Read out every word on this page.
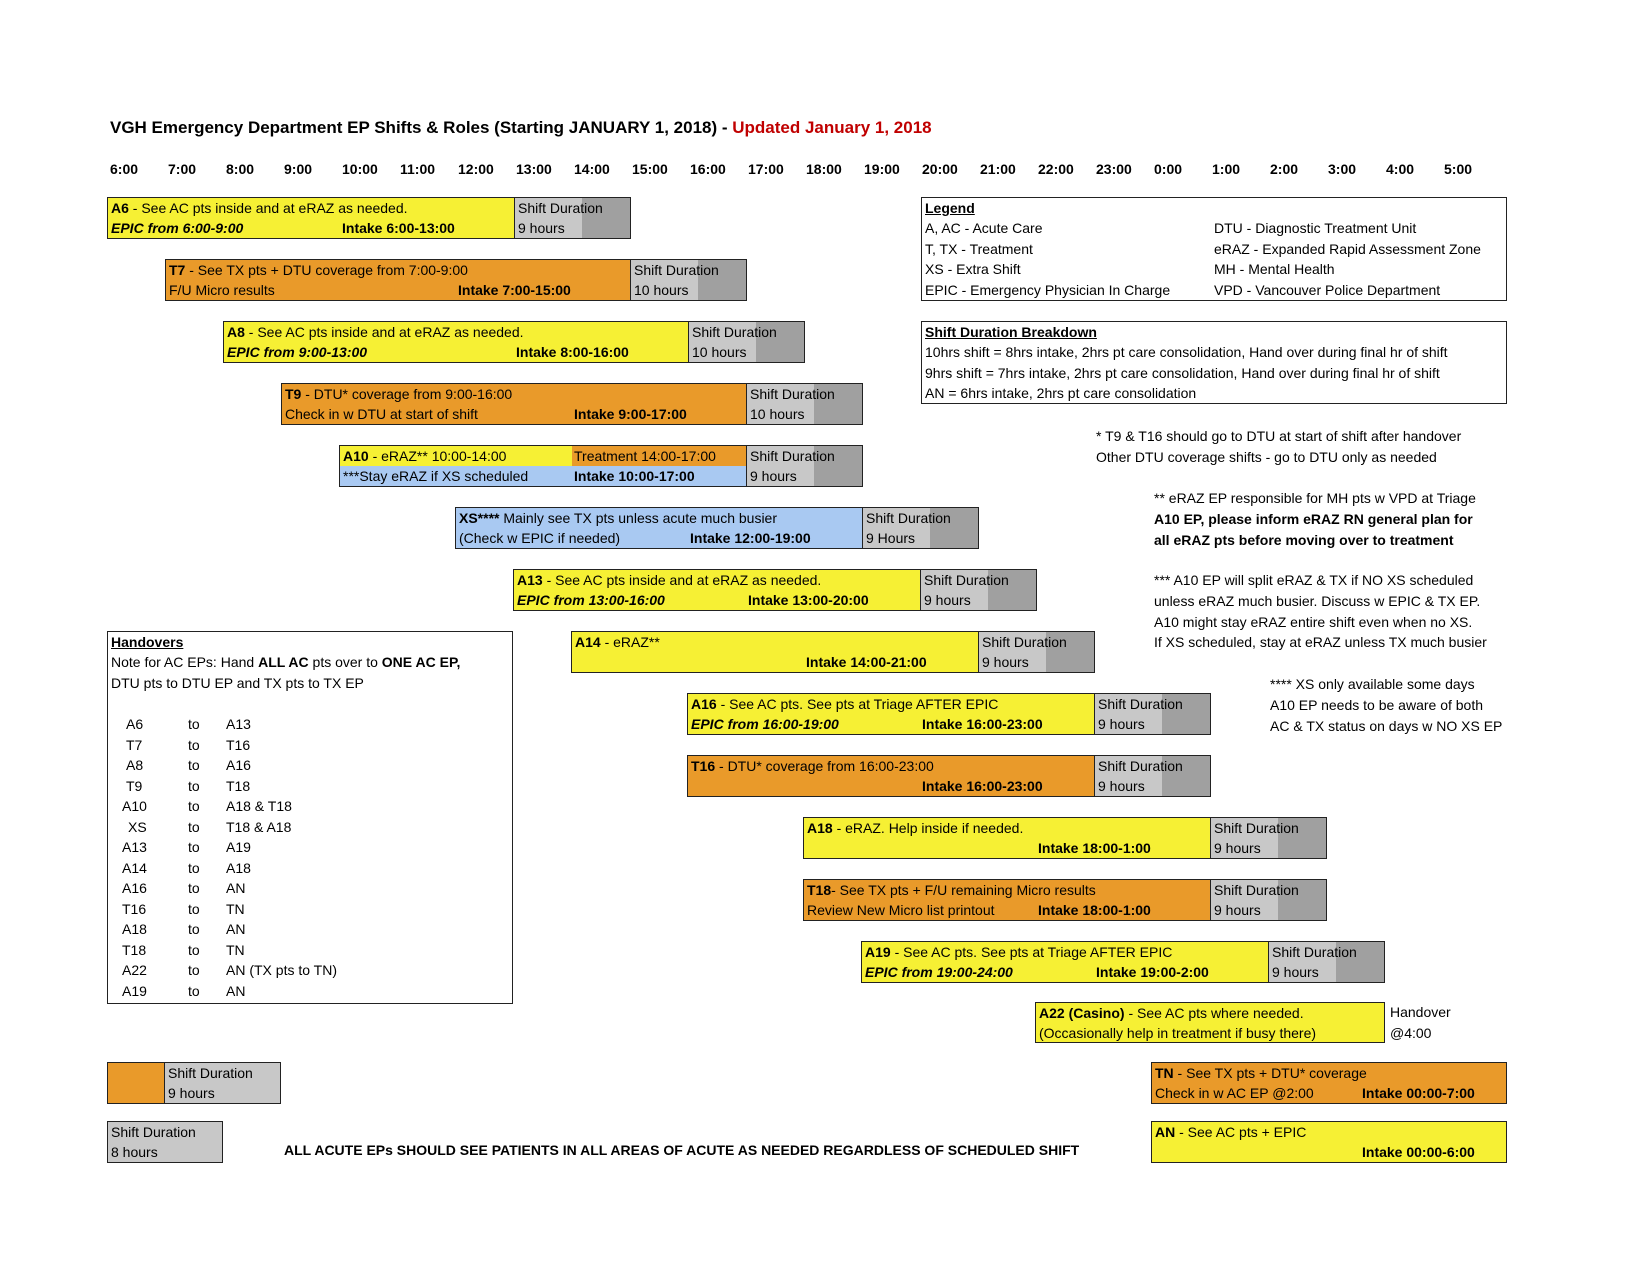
VGH Emergency Department EP Shifts & Roles (Starting JANUARY 1, 2018) - Updated January 1, 2018
6:00 7:00 8:00 9:00 10:00 11:00 12:00 13:00 14:00 15:00 16:00 17:00 18:00 19:00 20:00 21:00 22:00 23:00 0:00 1:00 2:00 3:00 4:00 5:00
A6 - See AC pts inside and at eRAZ as needed.
EPIC from 6:00-9:00	Intake 6:00-13:00
Shift Duration
9 hours
T7 - See TX pts + DTU coverage from 7:00-9:00
F/U Micro results	Intake 7:00-15:00
Shift Duration
10 hours
A8 - See AC pts inside and at eRAZ as needed.
EPIC from 9:00-13:00	Intake 8:00-16:00
Shift Duration
10 hours
T9 - DTU* coverage from 9:00-16:00
Check in w DTU at start of shift	Intake 9:00-17:00
Shift Duration
10 hours
A10 - eRAZ** 10:00-14:00	Treatment 14:00-17:00
***Stay eRAZ if XS scheduled	Intake 10:00-17:00
Shift Duration
9 hours
XS**** Mainly see TX pts unless acute much busier
(Check w EPIC if needed)	Intake 12:00-19:00
Shift Duration
9 Hours
A13 - See AC pts inside and at eRAZ as needed.
EPIC from 13:00-16:00	Intake 13:00-20:00
Shift Duration
9 hours
A14 - eRAZ**
Intake 14:00-21:00
Shift Duration
9 hours
A16 - See AC pts. See pts at Triage AFTER EPIC
EPIC from 16:00-19:00	Intake 16:00-23:00
Shift Duration
9 hours
T16 - DTU* coverage from 16:00-23:00
Intake 16:00-23:00
Shift Duration
9 hours
A18 - eRAZ. Help inside if needed.
Intake 18:00-1:00
Shift Duration
9 hours
T18- See TX pts + F/U remaining Micro results
Review New Micro list printout	Intake 18:00-1:00
Shift Duration
9 hours
A19 - See AC pts. See pts at Triage AFTER EPIC
EPIC from 19:00-24:00	Intake 19:00-2:00
Shift Duration
9 hours
A22 (Casino) - See AC pts where needed.
(Occasionally help in treatment if busy there)
Handover
@4:00
TN - See TX pts + DTU* coverage
Check in w AC EP @2:00	Intake 00:00-7:00
AN - See AC pts + EPIC
Intake 00:00-6:00
Legend
A, AC - Acute Care
T, TX - Treatment
XS - Extra Shift
EPIC - Emergency Physician In Charge
DTU - Diagnostic Treatment Unit
eRAZ - Expanded Rapid Assessment Zone
MH - Mental Health
VPD - Vancouver Police Department
Shift Duration Breakdown
10hrs shift = 8hrs intake, 2hrs pt care consolidation, Hand over during final hr of shift
9hrs shift = 7hrs intake, 2hrs pt care consolidation, Hand over during final hr of shift
AN = 6hrs intake, 2hrs pt care consolidation
* T9 & T16 should go to DTU at start of shift after handover
Other DTU coverage shifts - go to DTU only as needed
** eRAZ EP responsible for MH pts w VPD at Triage
A10 EP, please inform eRAZ RN general plan for
all eRAZ pts before moving over to treatment
*** A10 EP will split eRAZ & TX if NO XS scheduled
unless eRAZ much busier. Discuss w EPIC & TX EP.
A10 might stay eRAZ entire shift even when no XS.
If XS scheduled, stay at eRAZ unless TX much busier
**** XS only available some days
A10 EP needs to be aware of both
AC & TX status on days w NO XS EP
Handovers
Note for AC EPs: Hand ALL AC pts over to ONE AC EP,
DTU pts to DTU EP and TX pts to TX EP
A6	to A13
T7	to T16
A8	to A16
T9	to T18
A10	to A18 & T18
XS	to T18 & A18
A13	to A19
A14	to A18
A16	to AN
T16	to TN
A18	to AN
T18	to TN
A22	to AN (TX pts to TN)
A19	to AN
Shift Duration
9 hours
Shift Duration
8 hours	ALL ACUTE EPs SHOULD SEE PATIENTS IN ALL AREAS OF ACUTE AS NEEDED REGARDLESS OF SCHEDULED SHIFT
